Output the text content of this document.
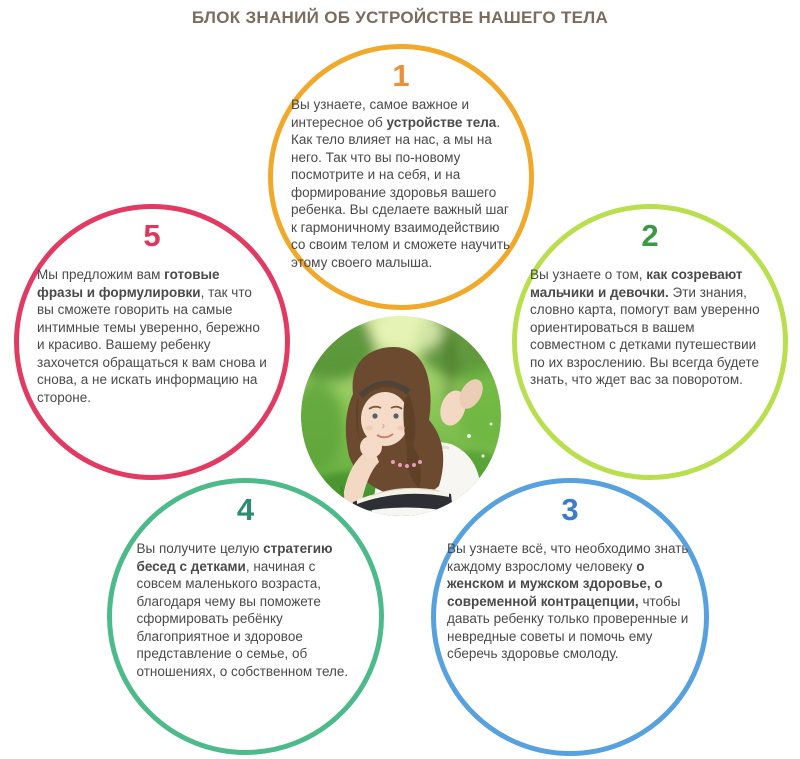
БЛОК ЗНАНИЙ ОБ УСТРОЙСТВЕ НАШЕГО ТЕЛА
1
Вы узнаете, самое важное и интересное об устройстве тела. Как тело влияет на нас, а мы на него. Так что вы по-новому посмотрите и на себя, и на формирование здоровья вашего ребенка. Вы сделаете важный шаг к гармоничному взаимодействию со своим телом и сможете научить этому своего малыша.
2
Вы узнаете о том, как созревают мальчики и девочки. Эти знания, словно карта, помогут вам уверенно ориентироваться в вашем совместном с детками путешествии по их взрослению. Вы всегда будете знать, что ждет вас за поворотом.
3
Вы узнаете всё, что необходимо знать каждому взрослому человеку о женском и мужском здоровье, о современной контрацепции, чтобы давать ребенку только проверенные и невредные советы и помочь ему сберечь здоровье смолоду.
4
Вы получите целую стратегию бесед с детками, начиная с совсем маленького возраста, благодаря чему вы поможете сформировать ребёнку благоприятное и здоровое представление о семье, об отношениях, о собственном теле.
5
Мы предложим вам готовые фразы и формулировки, так что вы сможете говорить на самые интимные темы уверенно, бережно и красиво. Вашему ребенку захочется обращаться к вам снова и снова, а не искать информацию на стороне.
